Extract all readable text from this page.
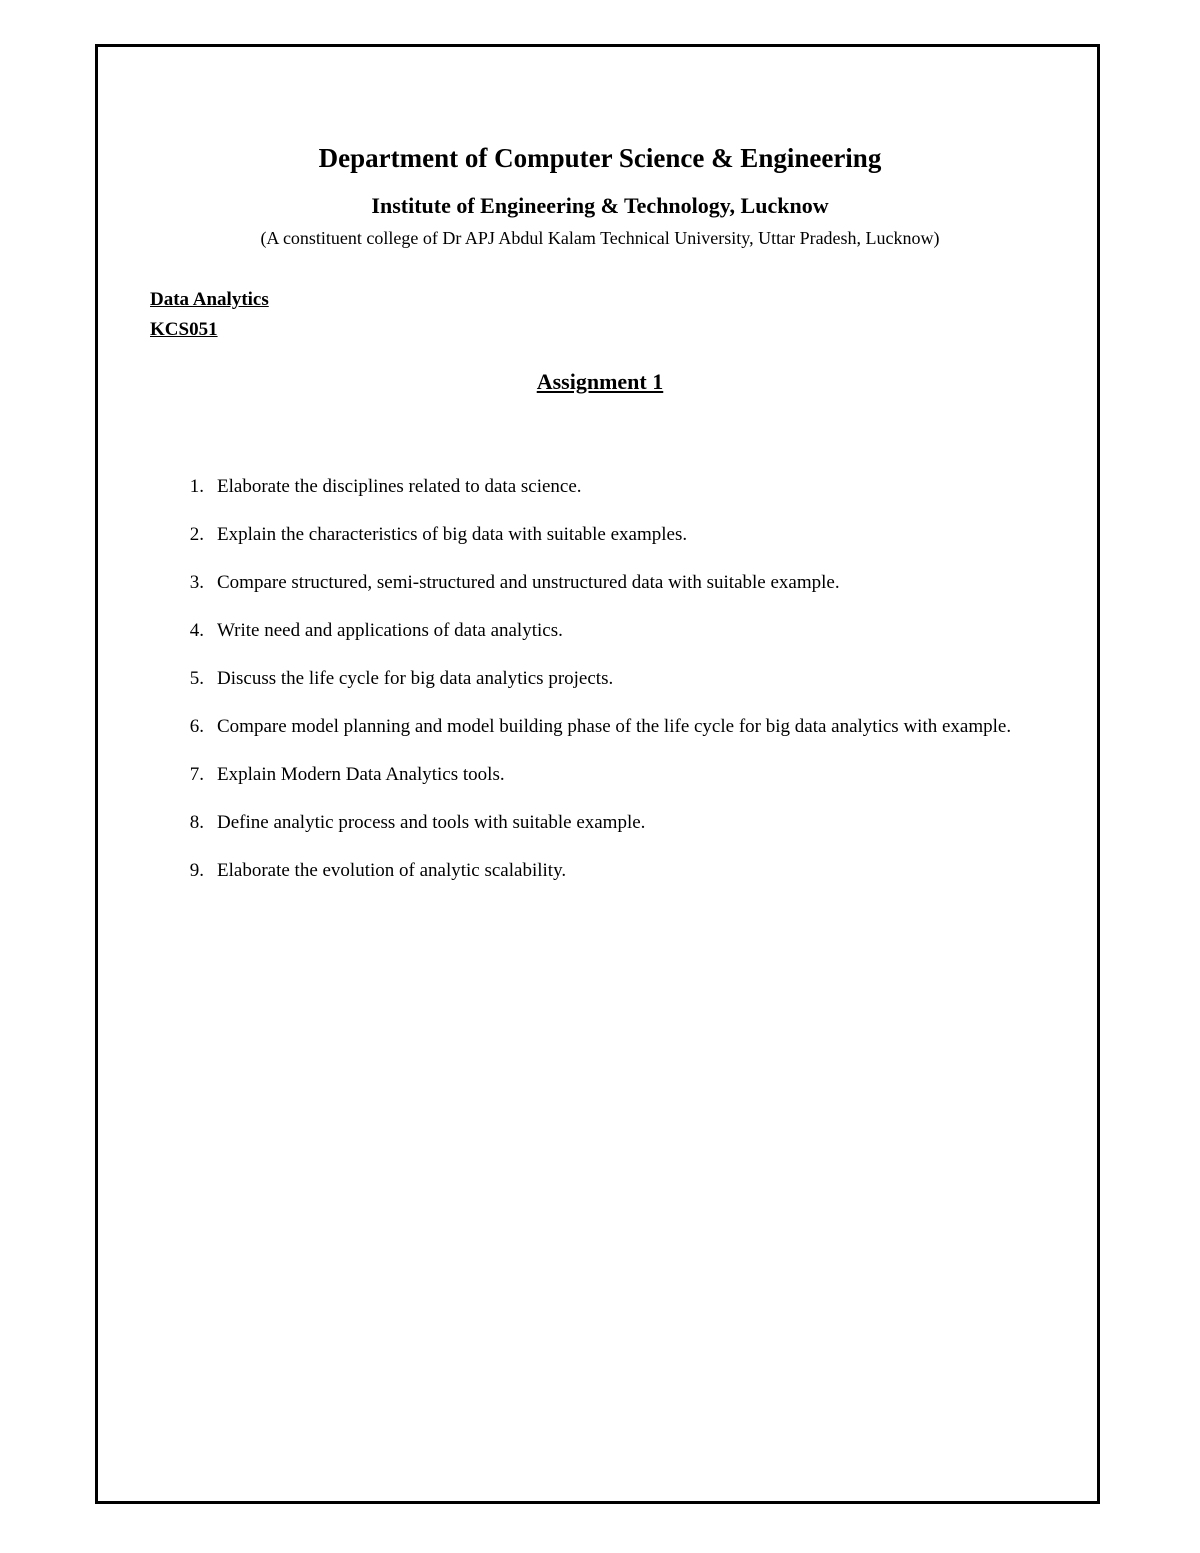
Department of Computer Science & Engineering
Institute of Engineering & Technology, Lucknow
(A constituent college of Dr APJ Abdul Kalam Technical University, Uttar Pradesh, Lucknow)
Data Analytics
KCS051
Assignment 1
1. Elaborate the disciplines related to data science.
2. Explain the characteristics of big data with suitable examples.
3. Compare structured, semi-structured and unstructured data with suitable example.
4. Write need and applications of data analytics.
5. Discuss the life cycle for big data analytics projects.
6. Compare model planning and model building phase of the life cycle for big data analytics with example.
7. Explain Modern Data Analytics tools.
8. Define analytic process and tools with suitable example.
9. Elaborate the evolution of analytic scalability.
